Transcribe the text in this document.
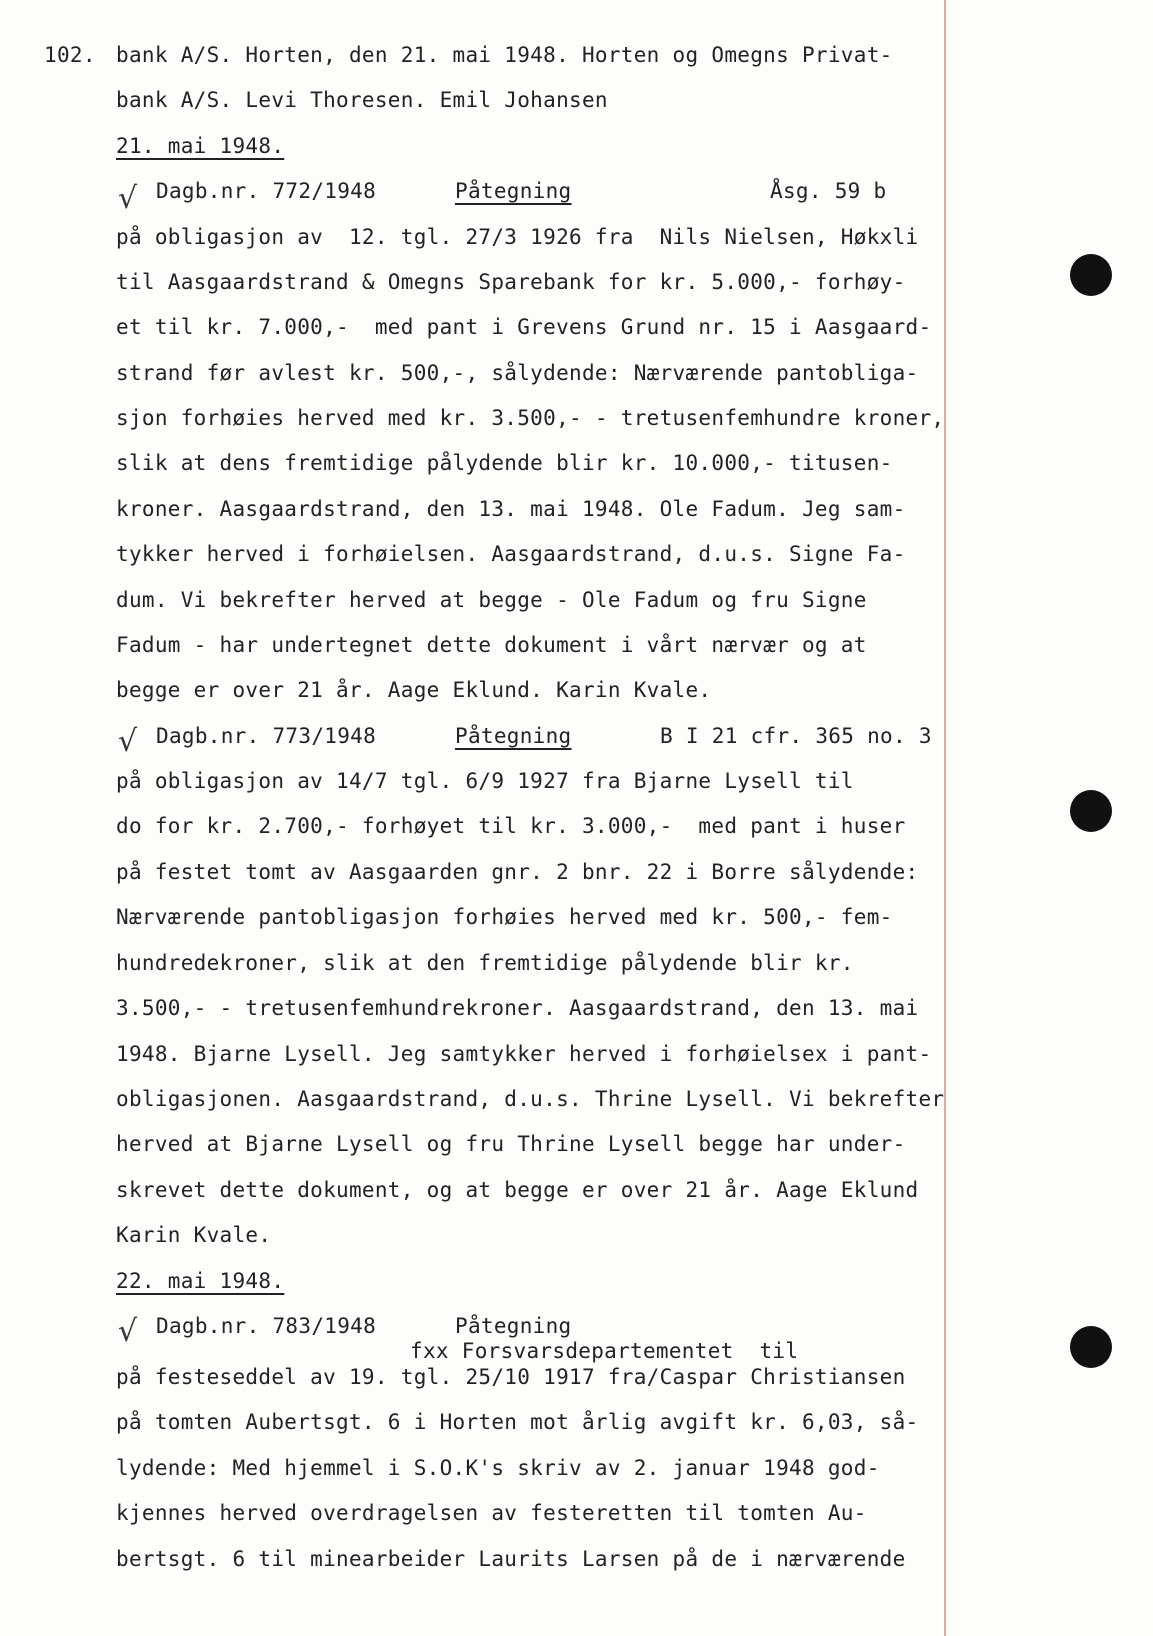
102. bank A/S. Horten, den 21. mai 1948. Horten og Omegns Privat-
bank A/S. Levi Thoresen. Emil Johansen
21. mai 1948.
√ Dagb.nr. 772/1948	Påtegning	Åsg. 59 b
på obligasjon av  12. tgl. 27/3 1926 fra  Nils Nielsen, Høkxli
til Aasgaardstrand & Omegns Sparebank for kr. 5.000,- forhøy-
et til kr. 7.000,-  med pant i Grevens Grund nr. 15 i Aasgaard-
strand før avlest kr. 500,-, sålydende: Nærværende pantobliga-
sjon forhøies herved med kr. 3.500,- - tretusenfemhundre kroner,
slik at dens fremtidige pålydende blir kr. 10.000,- titusen-
kroner. Aasgaardstrand, den 13. mai 1948. Ole Fadum. Jeg sam-
tykker herved i forhøielsen. Aasgaardstrand, d.u.s. Signe Fa-
dum. Vi bekrefter herved at begge - Ole Fadum og fru Signe
Fadum - har undertegnet dette dokument i vårt nærvær og at
begge er over 21 år. Aage Eklund. Karin Kvale.
√ Dagb.nr. 773/1948	Påtegning	B I 21 cfr. 365 no. 3
på obligasjon av 14/7 tgl. 6/9 1927 fra Bjarne Lysell til
do for kr. 2.700,- forhøyet til kr. 3.000,-  med pant i huser
på festet tomt av Aasgaarden gnr. 2 bnr. 22 i Borre sålydende:
Nærværende pantobligasjon forhøies herved med kr. 500,- fem-
hundredekroner, slik at den fremtidige pålydende blir kr.
3.500,- - tretusenfemhundrekroner. Aasgaardstrand, den 13. mai
1948. Bjarne Lysell. Jeg samtykker herved i forhøielsex i pant-
obligasjonen. Aasgaardstrand, d.u.s. Thrine Lysell. Vi bekrefter
herved at Bjarne Lysell og fru Thrine Lysell begge har under-
skrevet dette dokument, og at begge er over 21 år. Aage Eklund
Karin Kvale.
22. mai 1948.
√ Dagb.nr. 783/1948	Påtegning
fxx Forsvarsdepartementet  til
på festeseddel av 19. tgl. 25/10 1917 fra/Caspar Christiansen
på tomten Aubertsgt. 6 i Horten mot årlig avgift kr. 6,03, så-
lydende: Med hjemmel i S.O.K's skriv av 2. januar 1948 god-
kjennes herved overdragelsen av festeretten til tomten Au-
bertsgt. 6 til minearbeider Laurits Larsen på de i nærværende
